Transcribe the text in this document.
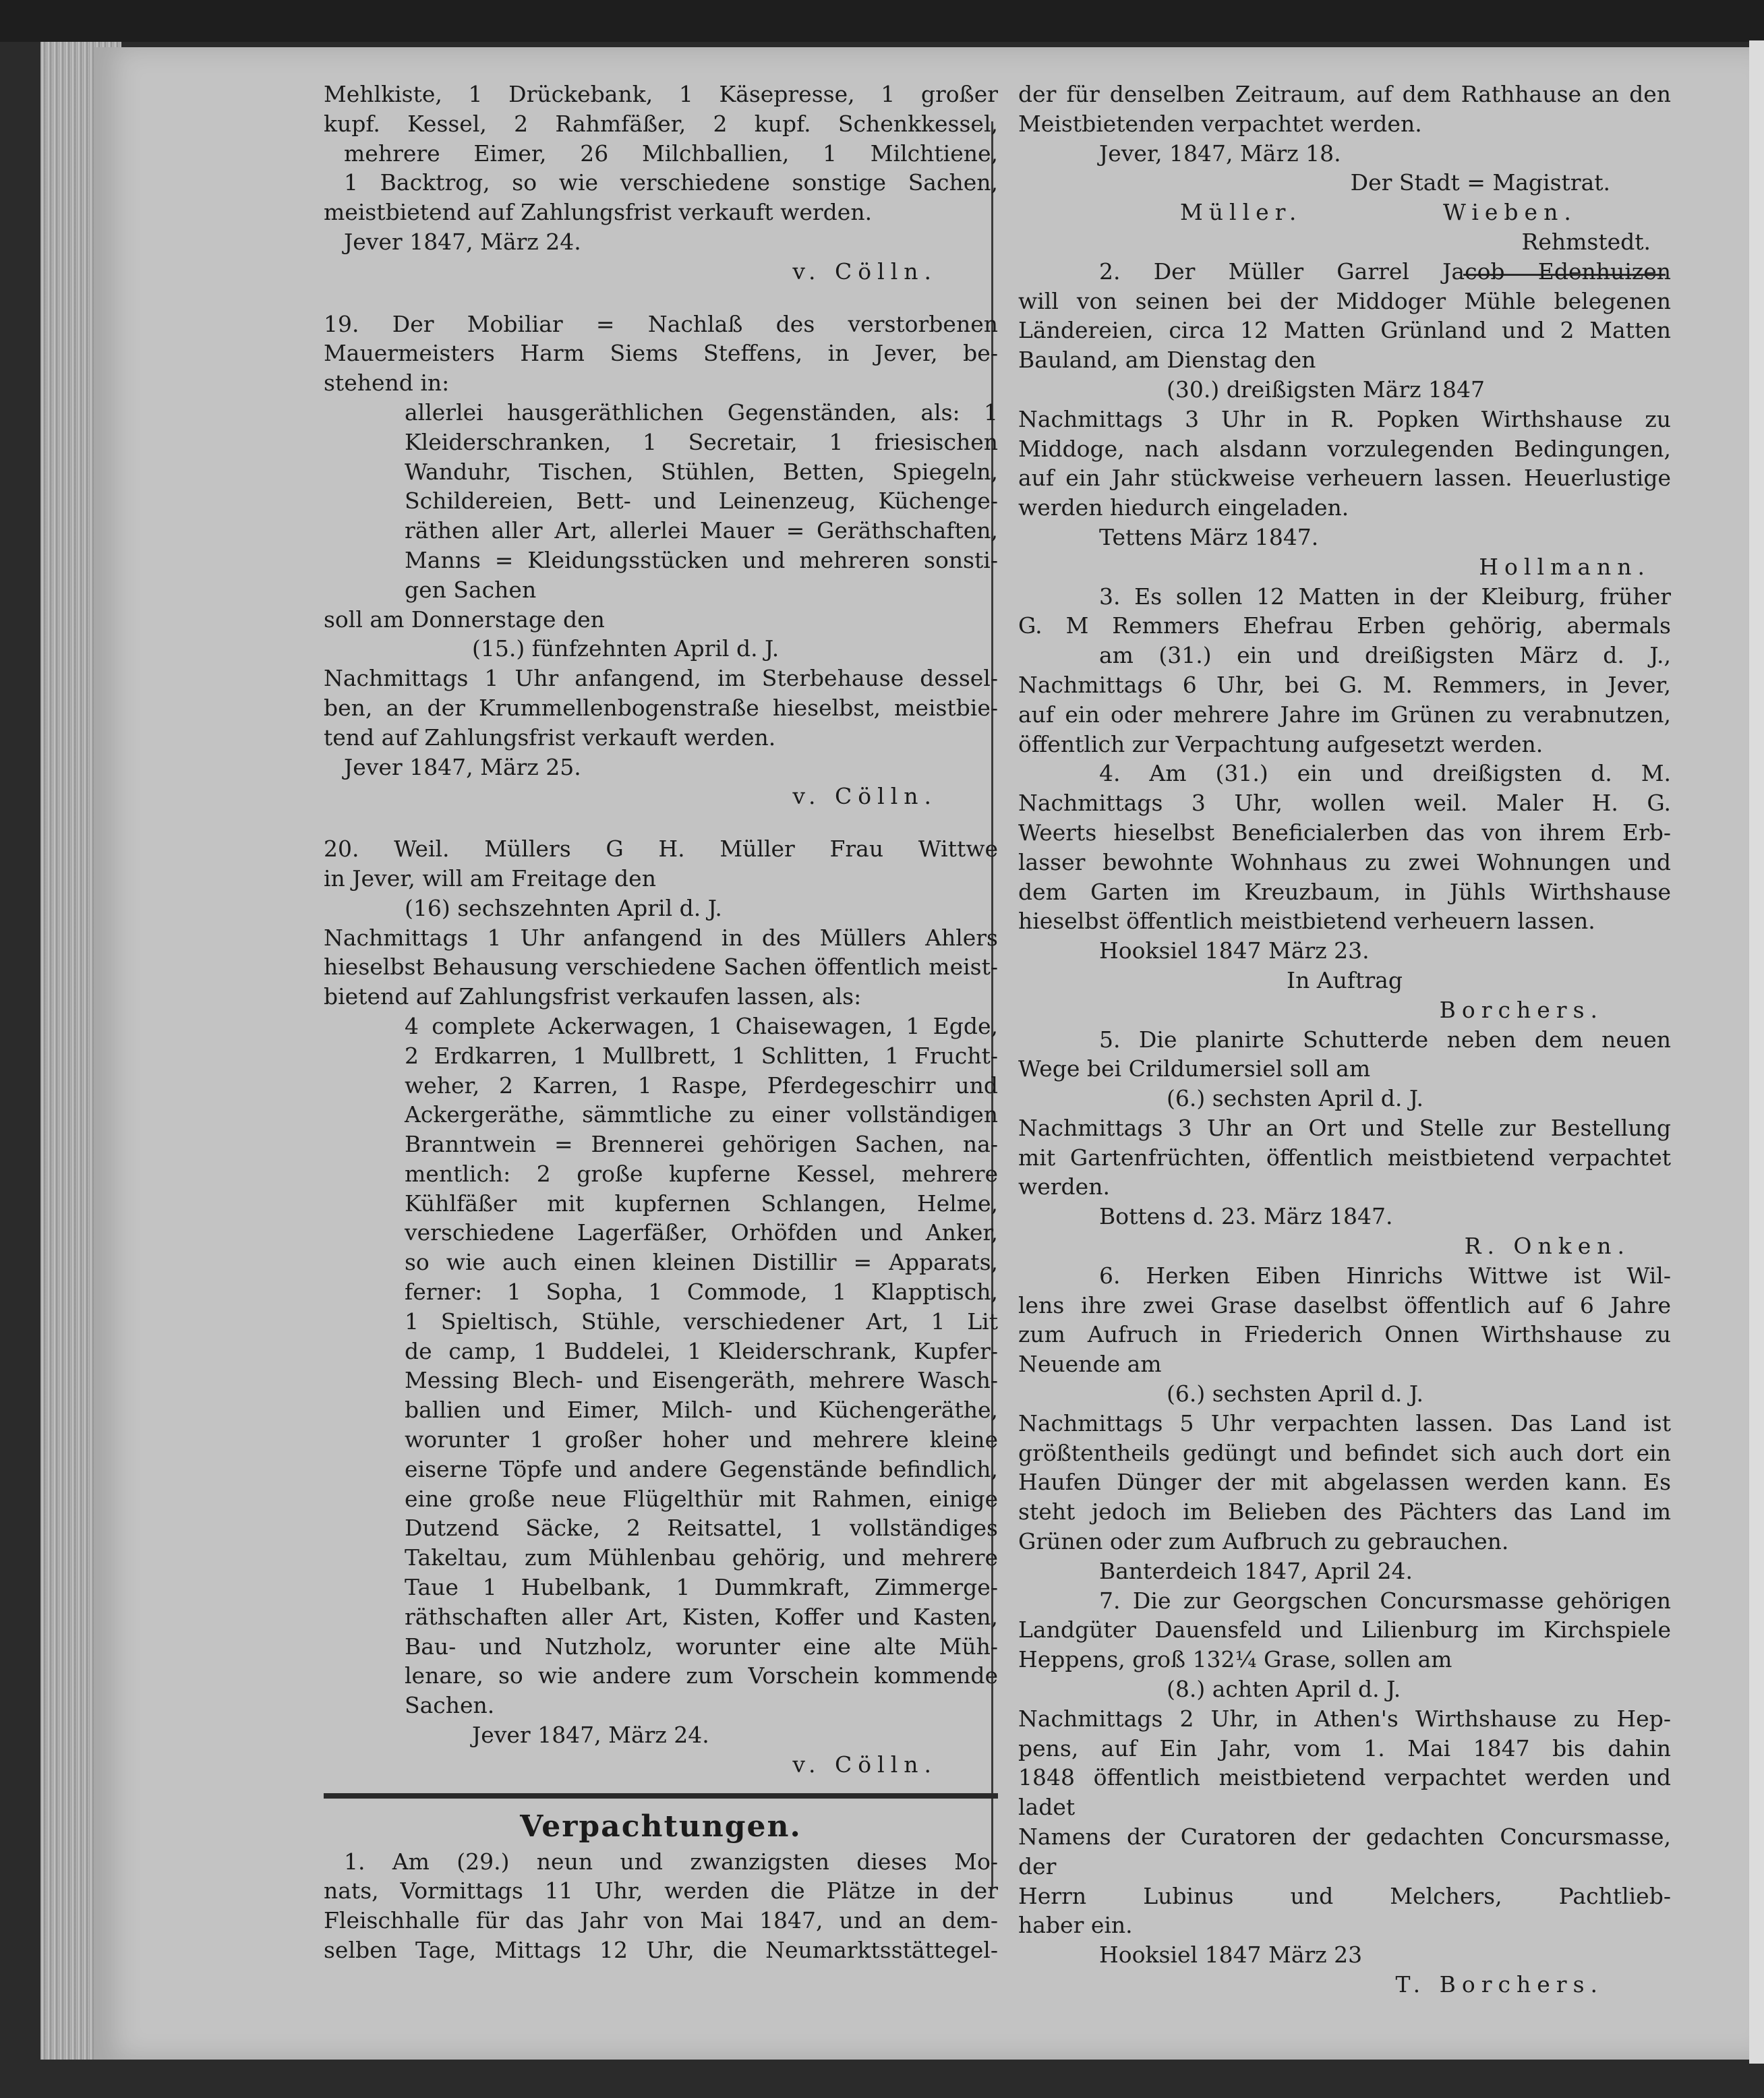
Mehlkiste, 1 Drückebank, 1 Käsepresse, 1 großer
kupf. Kessel, 2 Rahmfäßer, 2 kupf. Schenkkessel,
mehrere Eimer, 26 Milchballien, 1 Milchtiene,
1 Backtrog, so wie verschiedene sonstige Sachen,
meistbietend auf Zahlungsfrist verkauft werden.
Jever 1847, März 24.
v. Cölln.
19. Der Mobiliar = Nachlaß des verstorbenen
Mauermeisters Harm Siems Steffens, in Jever, be-
stehend in:
allerlei hausgeräthlichen Gegenständen, als: 1
Kleiderschranken, 1 Secretair, 1 friesischen
Wanduhr, Tischen, Stühlen, Betten, Spiegeln,
Schildereien, Bett- und Leinenzeug, Küchenge-
räthen aller Art, allerlei Mauer = Geräthschaften,
Manns = Kleidungsstücken und mehreren sonsti-
gen Sachen
soll am Donnerstage den
(15.) fünfzehnten April d. J.
Nachmittags 1 Uhr anfangend, im Sterbehause dessel-
ben, an der Krummellenbogenstraße hieselbst, meistbie-
tend auf Zahlungsfrist verkauft werden.
Jever 1847, März 25.
v. Cölln.
20. Weil. Müllers G H. Müller Frau Wittwe
in Jever, will am Freitage den
(16) sechszehnten April d. J.
Nachmittags 1 Uhr anfangend in des Müllers Ahlers
hieselbst Behausung verschiedene Sachen öffentlich meist-
bietend auf Zahlungsfrist verkaufen lassen, als:
4 complete Ackerwagen, 1 Chaisewagen, 1 Egde,
2 Erdkarren, 1 Mullbrett, 1 Schlitten, 1 Frucht-
weher, 2 Karren, 1 Raspe, Pferdegeschirr und
Ackergeräthe, sämmtliche zu einer vollständigen
Branntwein = Brennerei gehörigen Sachen, na-
mentlich: 2 große kupferne Kessel, mehrere
Kühlfäßer mit kupfernen Schlangen, Helme,
verschiedene Lagerfäßer, Orhöfden und Anker,
so wie auch einen kleinen Distillir = Apparats,
ferner: 1 Sopha, 1 Commode, 1 Klapptisch,
1 Spieltisch, Stühle, verschiedener Art, 1 Lit
de camp, 1 Buddelei, 1 Kleiderschrank, Kupfer-
Messing Blech- und Eisengeräth, mehrere Wasch-
ballien und Eimer, Milch- und Küchengeräthe,
worunter 1 großer hoher und mehrere kleine
eiserne Töpfe und andere Gegenstände befindlich,
eine große neue Flügelthür mit Rahmen, einige
Dutzend Säcke, 2 Reitsattel, 1 vollständiges
Takeltau, zum Mühlenbau gehörig, und mehrere
Taue 1 Hubelbank, 1 Dummkraft, Zimmerge-
räthschaften aller Art, Kisten, Koffer und Kasten,
Bau- und Nutzholz, worunter eine alte Müh-
lenare, so wie andere zum Vorschein kommende
Sachen.
Jever 1847, März 24.
v. Cölln.
Verpachtungen.
1. Am (29.) neun und zwanzigsten dieses Mo-
nats, Vormittags 11 Uhr, werden die Plätze in der
Fleischhalle für das Jahr von Mai 1847, und an dem-
selben Tage, Mittags 12 Uhr, die Neumarktsstättegel-
der für denselben Zeitraum, auf dem Rathhause an den
Meistbietenden verpachtet werden.
Jever, 1847, März 18.
Der Stadt = Magistrat.
Müller.	Wieben.
Rehmstedt.
2. Der Müller Garrel Jacob Edenhuizen
will von seinen bei der Middoger Mühle belegenen
Ländereien, circa 12 Matten Grünland und 2 Matten
Bauland, am Dienstag den
(30.) dreißigsten März 1847
Nachmittags 3 Uhr in R. Popken Wirthshause zu
Middoge, nach alsdann vorzulegenden Bedingungen,
auf ein Jahr stückweise verheuern lassen. Heuerlustige
werden hiedurch eingeladen.
Tettens März 1847.
Hollmann.
3. Es sollen 12 Matten in der Kleiburg, früher
G. M Remmers Ehefrau Erben gehörig, abermals
am (31.) ein und dreißigsten März d. J.,
Nachmittags 6 Uhr, bei G. M. Remmers, in Jever,
auf ein oder mehrere Jahre im Grünen zu verabnutzen,
öffentlich zur Verpachtung aufgesetzt werden.
4. Am (31.) ein und dreißigsten d. M.
Nachmittags 3 Uhr, wollen weil. Maler H. G.
Weerts hieselbst Beneficialerben das von ihrem Erb-
lasser bewohnte Wohnhaus zu zwei Wohnungen und
dem Garten im Kreuzbaum, in Jühls Wirthshause
hieselbst öffentlich meistbietend verheuern lassen.
Hooksiel 1847 März 23.
In Auftrag
Borchers.
5. Die planirte Schutterde neben dem neuen
Wege bei Crildumersiel soll am
(6.) sechsten April d. J.
Nachmittags 3 Uhr an Ort und Stelle zur Bestellung
mit Gartenfrüchten, öffentlich meistbietend verpachtet
werden.
Bottens d. 23. März 1847.
R. Onken.
6. Herken Eiben Hinrichs Wittwe ist Wil-
lens ihre zwei Grase daselbst öffentlich auf 6 Jahre
zum Aufruch in Friederich Onnen Wirthshause zu
Neuende am
(6.) sechsten April d. J.
Nachmittags 5 Uhr verpachten lassen. Das Land ist
größtentheils gedüngt und befindet sich auch dort ein
Haufen Dünger der mit abgelassen werden kann. Es
steht jedoch im Belieben des Pächters das Land im
Grünen oder zum Aufbruch zu gebrauchen.
Banterdeich 1847, April 24.
7. Die zur Georgschen Concursmasse gehörigen
Landgüter Dauensfeld und Lilienburg im Kirchspiele
Heppens, groß 132¼ Grase, sollen am
(8.) achten April d. J.
Nachmittags 2 Uhr, in Athen's Wirthshause zu Hep-
pens, auf Ein Jahr, vom 1. Mai 1847 bis dahin
1848 öffentlich meistbietend verpachtet werden und ladet
Namens der Curatoren der gedachten Concursmasse, der
Herrn Lubinus und Melchers, Pachtlieb-
haber ein.
Hooksiel 1847 März 23
T. Borchers.
